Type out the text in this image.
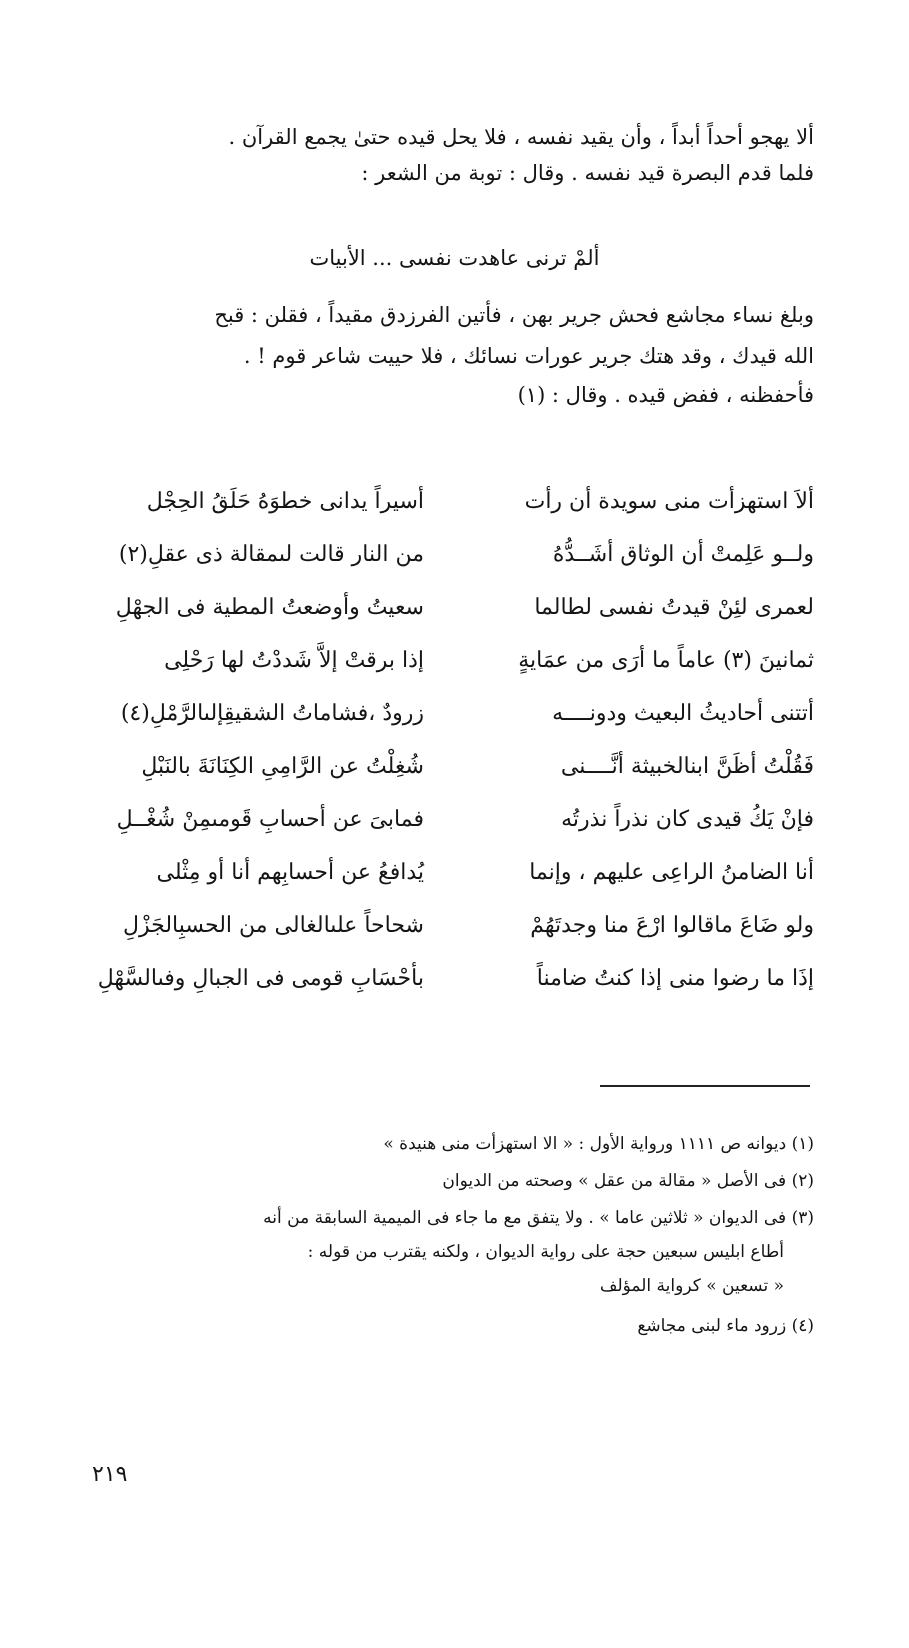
ألا يهجو أحداً أبداً ، وأن يقيد نفسه ، فلا يحل قيده حتىٰ يجمع القرآن .
فلما قدم البصرة قيد نفسه . وقال : توبة من الشعر :
ألمْ ترنى عاهدت نفسى ... الأبيات
وبلغ نساء مجاشع فحش جرير بهن ، فأتين الفرزدق مقيداً ، فقلن : قبح
الله قيدك ، وقد هتك جرير عورات نسائك ، فلا حييت شاعر قوم ! .
فأحفظنه ، ففض قيده . وقال : (١)
ألاَ استهزأت منى سويدة أن رأت
أسيراً يدانى خطوَهُ حَلَقُ الحِجْل
ولــو عَلِمتْ أن الوثاق أشَــدُّهُ
من النار قالت لىمقالة ذى عقلِ(٢)
لعمرى لئِنْ قيدتُ نفسى لطالما
سعيتُ وأوضعتُ المطية فى الجهْلِ
ثمانينَ (٣) عاماً ما أرَى من عمَايةٍ
إذا برقتْ إلاَّ شَددْتُ لها رَحْلِى
أتتنى أحاديثُ البعيث ودونــــه
زرودٌ ،فشاماتُ الشقيقِإلىالرَّمْلِ(٤)
فَقُلْتُ أظَنَّ ابنالخبيثة أنَّــــنى
شُغِلْتُ عن الرَّامِىِ الكِنَانَةَ بالنَبْلِ
فإنْ يَكُ قيدى كان نذراً نذرتُه
فمابىَ عن أحسابِ قَومىمِنْ شُغْــلِ
أنا الضامنُ الراعِى عليهم ، وإنما
يُدافعُ عن أحسابِهم أنا أو مِثْلى
ولو ضَاعَ ماقالوا ارْعَ منا وجدتَهُمْ
شحاحاً علىالغالى من الحسبِالجَزْلِ
إذَا ما رضوا منى إذا كنتُ ضامناً
بأحْسَابِ قومى فى الجبالِ وفىالسَّهْلِ
(١) ديوانه ص ١١١١ ورواية الأول : « الا استهزأت منى هنيدة »
(٢) فى الأصل « مقالة من عقل » وصحته من الديوان
(٣) فى الديوان « ثلاثين عاما » . ولا يتفق مع ما جاء فى الميمية السابقة من أنه
أطاع ابليس سبعين حجة على رواية الديوان ، ولكنه يقترب من قوله :
« تسعين » كرواية المؤلف
(٤) زرود ماء لبنى مجاشع
٢١٩
